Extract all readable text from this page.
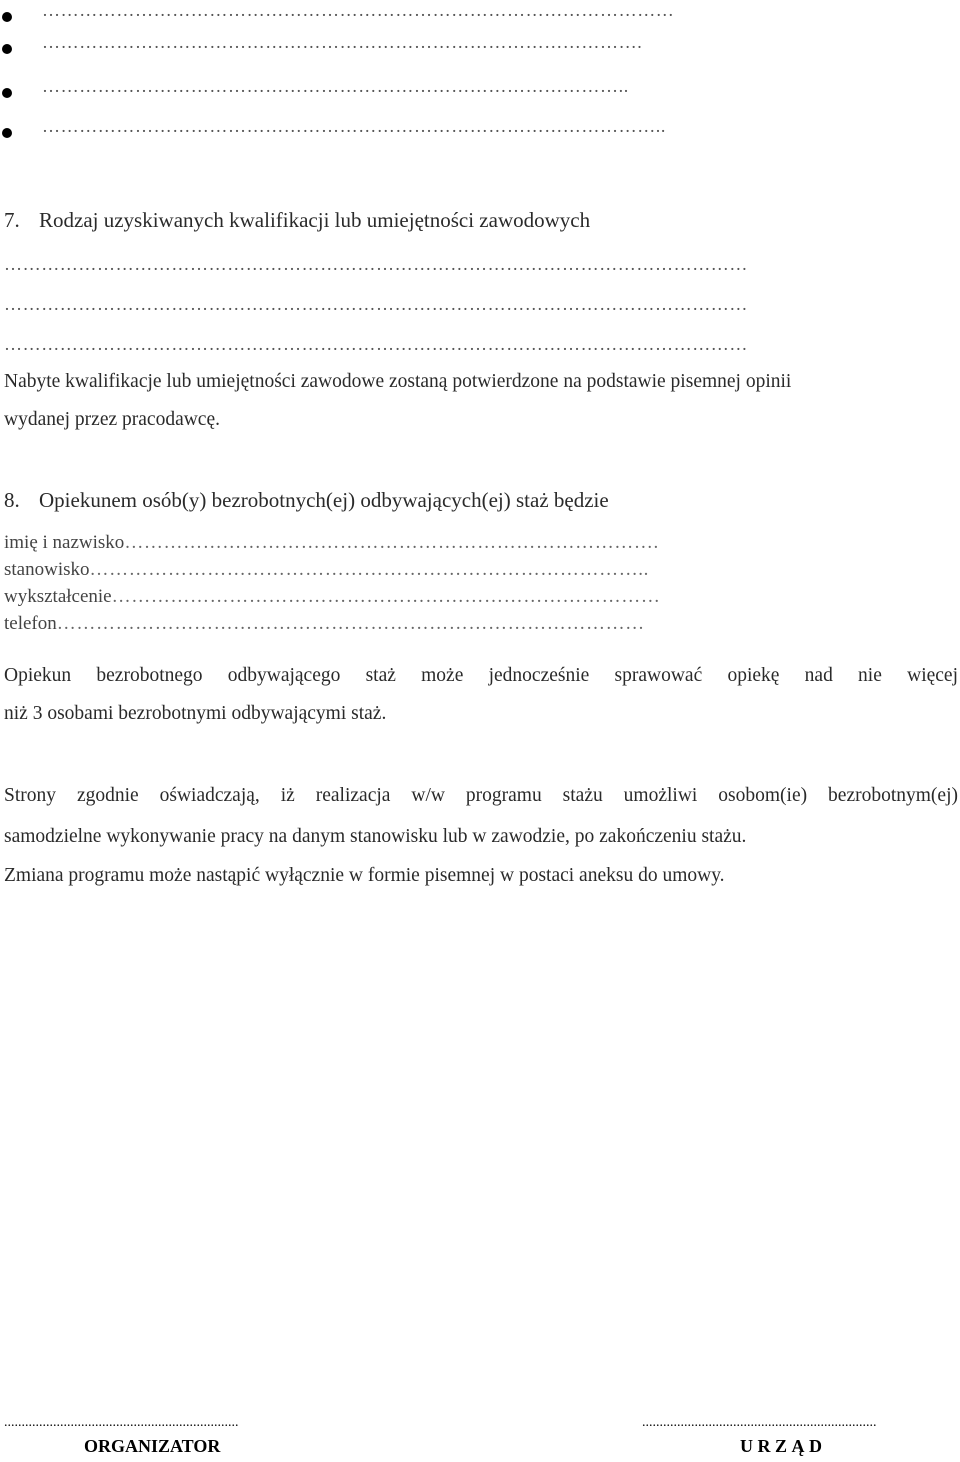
…………………………………………………………………………………………
…………………………………………………………………………………….
…………………………………………………………………………………..
………………………………………………………………………………………..
7. Rodzaj uzyskiwanych kwalifikacji lub umiejętności zawodowych
…………………………………………………………………………………………………………
…………………………………………………………………………………………………………
…………………………………………………………………………………………………………
Nabyte kwalifikacje lub umiejętności zawodowe zostaną potwierdzone na podstawie pisemnej opinii
wydanej przez pracodawcę.
8. Opiekunem osób(y) bezrobotnych(ej) odbywających(ej) staż będzie
imię i nazwisko……………………………………………………………………….
stanowisko…………………………………………………………………………..
wykształcenie…………………………………………………………………………
telefon………………………………………………………………………………
Opiekun bezrobotnego odbywającego staż może jednocześnie sprawować opiekę nad nie więcej
niż 3 osobami bezrobotnymi odbywającymi staż.
Strony zgodnie oświadczają, iż realizacja w/w programu stażu umożliwi osobom(ie) bezrobotnym(ej)
samodzielne wykonywanie pracy na danym stanowisku lub w zawodzie, po zakończeniu stażu.
Zmiana programu może nastąpić wyłącznie w formie pisemnej w postaci aneksu do umowy.
...................................................................
ORGANIZATOR
...................................................................
U R Z Ą D
